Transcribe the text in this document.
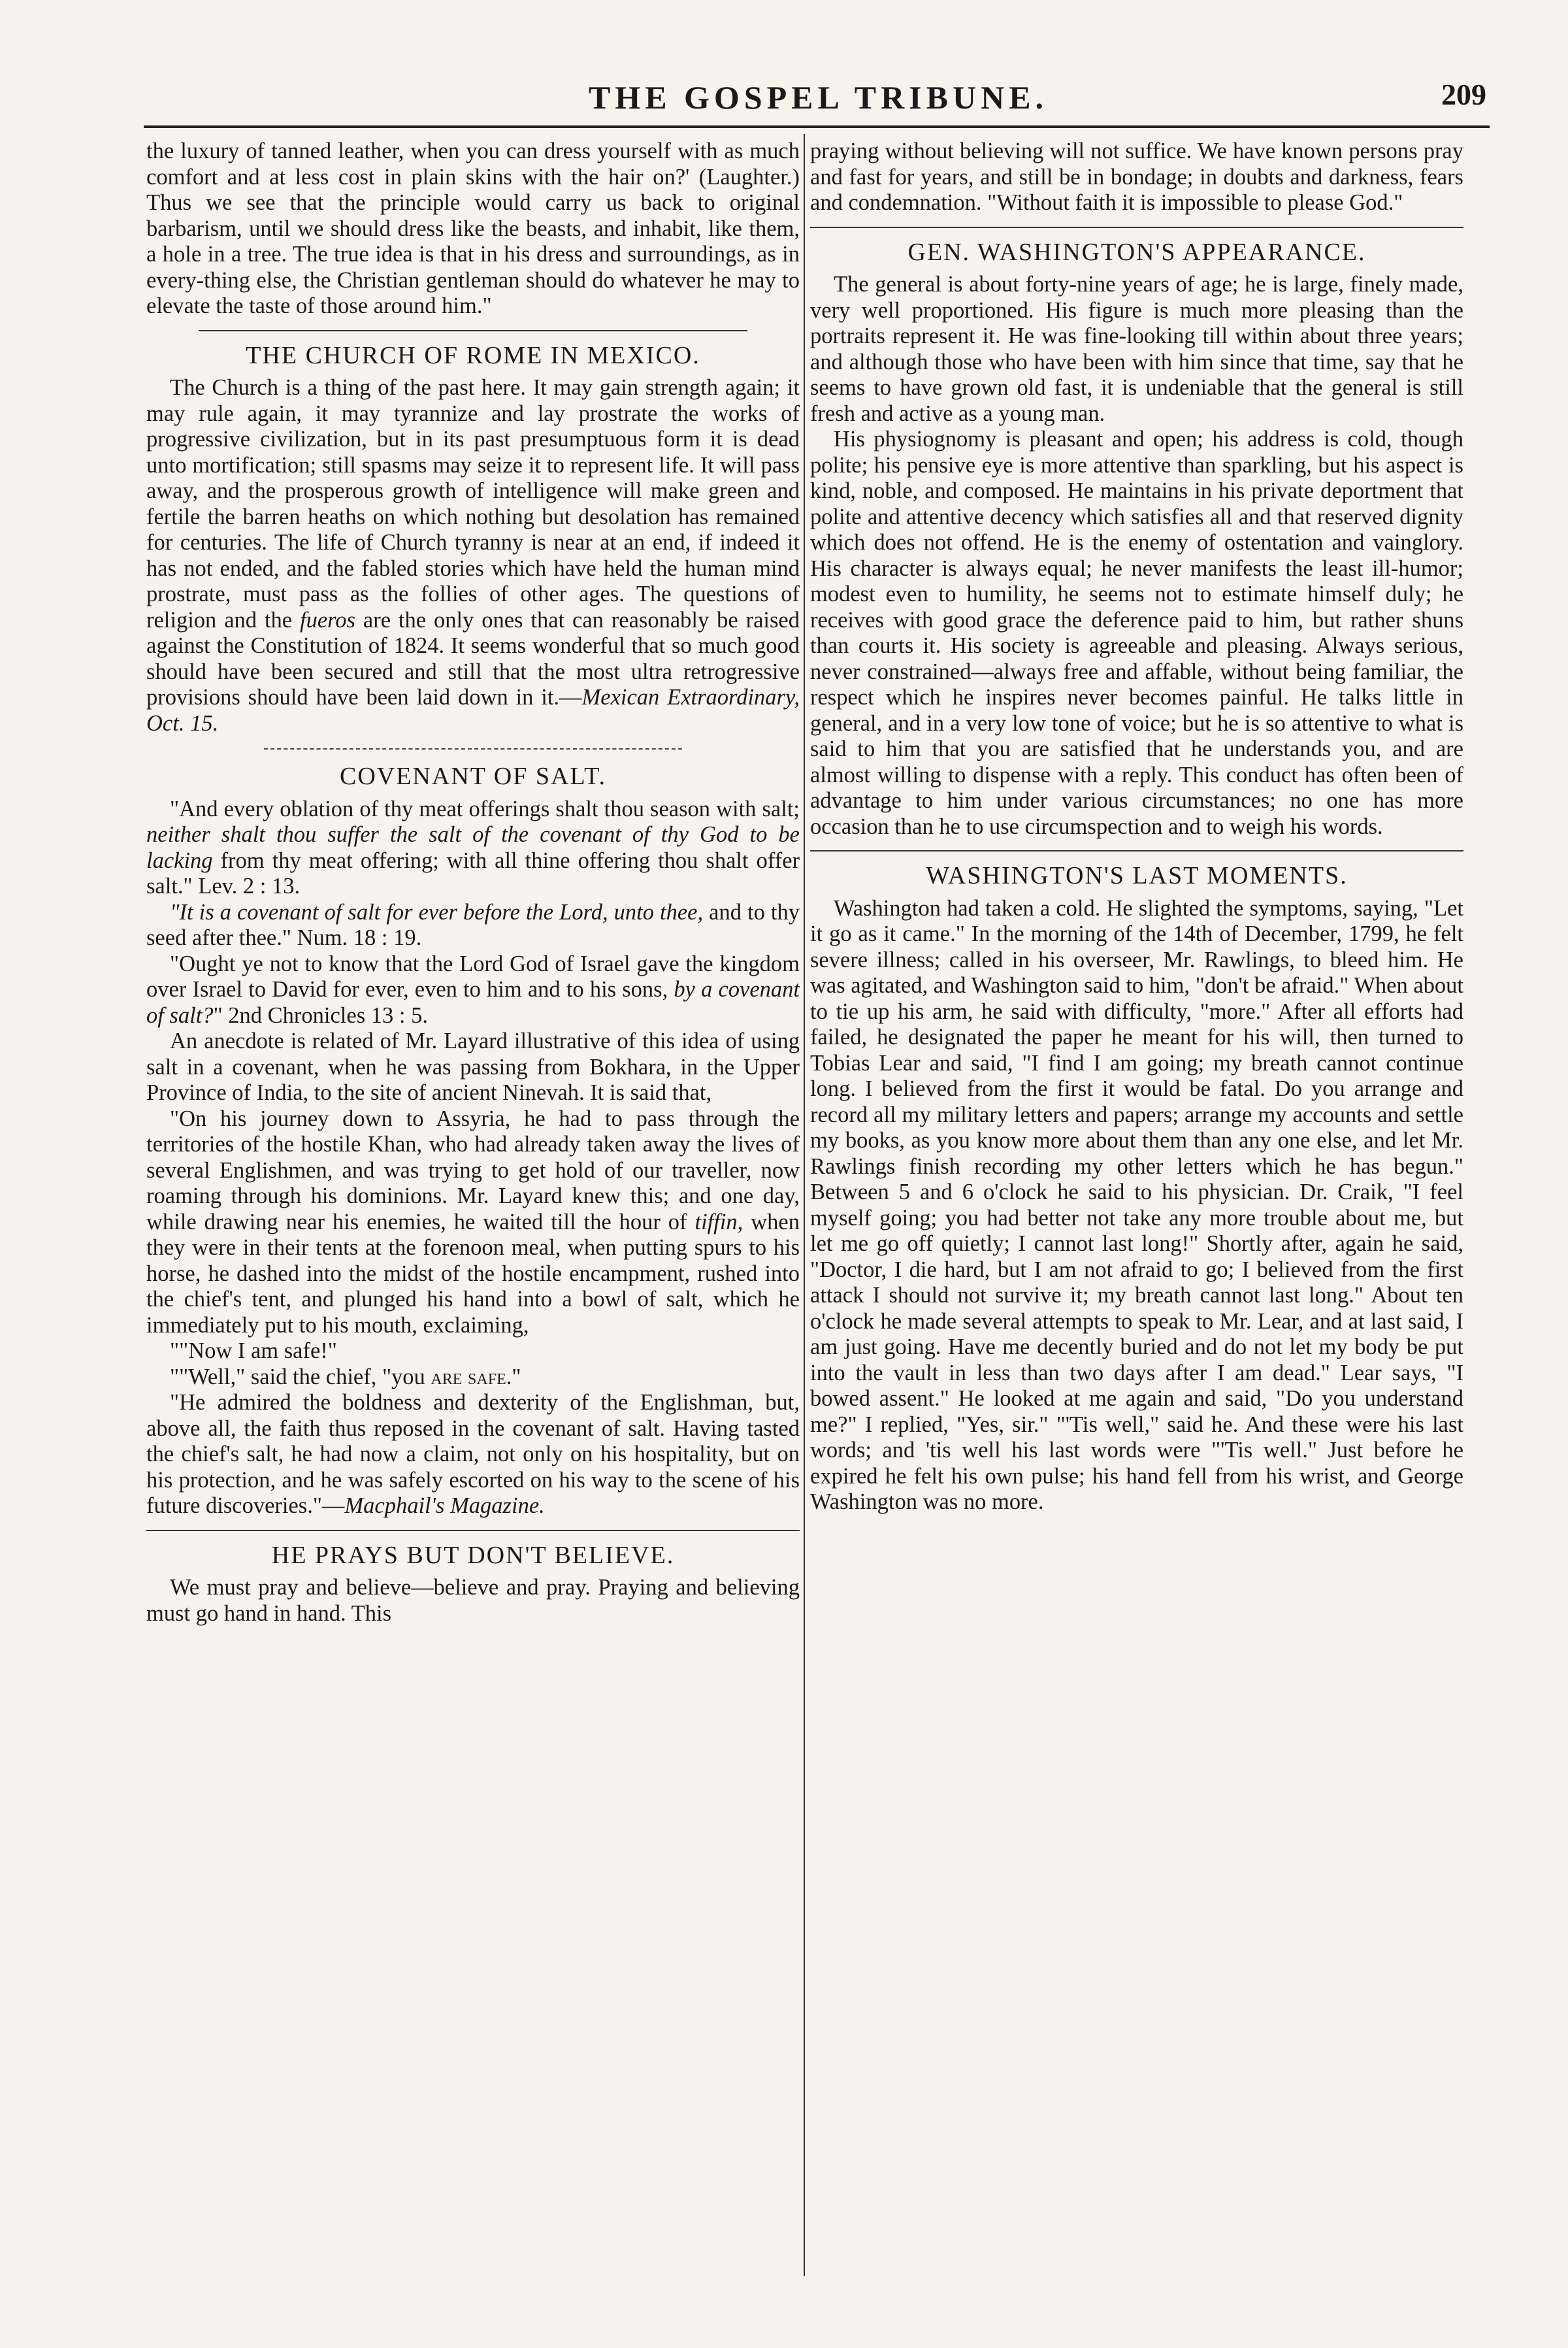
THE GOSPEL TRIBUNE.	209

the luxury of tanned leather, when you can dress yourself with as much comfort and at less cost in plain skins with the hair on?' (Laughter.) Thus we see that the principle would carry us back to original barbarism, until we should dress like the beasts, and inhabit, like them, a hole in a tree. The true idea is that in his dress and surroundings, as in every-thing else, the Christian gentleman should do whatever he may to elevate the taste of those around him."

THE CHURCH OF ROME IN MEXICO.

The Church is a thing of the past here. It may gain strength again; it may rule again, it may tyrannize and lay prostrate the works of progressive civilization, but in its past presumptuous form it is dead unto mortification; still spasms may seize it to represent life. It will pass away, and the prosperous growth of intelligence will make green and fertile the barren heaths on which nothing but desolation has remained for centuries. The life of Church tyranny is near at an end, if indeed it has not ended, and the fabled stories which have held the human mind prostrate, must pass as the follies of other ages. The questions of religion and the fueros are the only ones that can reasonably be raised against the Constitution of 1824. It seems wonderful that so much good should have been secured and still that the most ultra retrogressive provisions should have been laid down in it.—Mexican Extraordinary, Oct. 15.

COVENANT OF SALT.

"And every oblation of thy meat offerings shalt thou season with salt; neither shalt thou suffer the salt of the covenant of thy God to be lacking from thy meat offering; with all thine offering thou shalt offer salt." Lev. 2 : 13.

"It is a covenant of salt for ever before the Lord, unto thee, and to thy seed after thee." Num. 18 : 19.

"Ought ye not to know that the Lord God of Israel gave the kingdom over Israel to David for ever, even to him and to his sons, by a covenant of salt?" 2nd Chronicles 13 : 5.

An anecdote is related of Mr. Layard illustrative of this idea of using salt in a covenant, when he was passing from Bokhara, in the Upper Province of India, to the site of ancient Ninevah. It is said that,

"On his journey down to Assyria, he had to pass through the territories of the hostile Khan, who had already taken away the lives of several Englishmen, and was trying to get hold of our traveller, now roaming through his dominions. Mr. Layard knew this; and one day, while drawing near his enemies, he waited till the hour of tiffin, when they were in their tents at the forenoon meal, when putting spurs to his horse, he dashed into the midst of the hostile encampment, rushed into the chief's tent, and plunged his hand into a bowl of salt, which he immediately put to his mouth, exclaiming,

""Now I am safe!"

""Well," said the chief, "you are safe."

"He admired the boldness and dexterity of the Englishman, but, above all, the faith thus reposed in the covenant of salt. Having tasted the chief's salt, he had now a claim, not only on his hospitality, but on his protection, and he was safely escorted on his way to the scene of his future discoveries."—Macphail's Magazine.

HE PRAYS BUT DON'T BELIEVE.

We must pray and believe—believe and pray. Praying and believing must go hand in hand. This

praying without believing will not suffice. We have known persons pray and fast for years, and still be in bondage; in doubts and darkness, fears and condemnation. "Without faith it is impossible to please God."

GEN. WASHINGTON'S APPEARANCE.

The general is about forty-nine years of age; he is large, finely made, very well proportioned. His figure is much more pleasing than the portraits represent it. He was fine-looking till within about three years; and although those who have been with him since that time, say that he seems to have grown old fast, it is undeniable that the general is still fresh and active as a young man.

His physiognomy is pleasant and open; his address is cold, though polite; his pensive eye is more attentive than sparkling, but his aspect is kind, noble, and composed. He maintains in his private deportment that polite and attentive decency which satisfies all and that reserved dignity which does not offend. He is the enemy of ostentation and vainglory. His character is always equal; he never manifests the least ill-humor; modest even to humility, he seems not to estimate himself duly; he receives with good grace the deference paid to him, but rather shuns than courts it. His society is agreeable and pleasing. Always serious, never constrained—always free and affable, without being familiar, the respect which he inspires never becomes painful. He talks little in general, and in a very low tone of voice; but he is so attentive to what is said to him that you are satisfied that he understands you, and are almost willing to dispense with a reply. This conduct has often been of advantage to him under various circumstances; no one has more occasion than he to use circumspection and to weigh his words.

WASHINGTON'S LAST MOMENTS.

Washington had taken a cold. He slighted the symptoms, saying, "Let it go as it came." In the morning of the 14th of December, 1799, he felt severe illness; called in his overseer, Mr. Rawlings, to bleed him. He was agitated, and Washington said to him, "don't be afraid." When about to tie up his arm, he said with difficulty, "more." After all efforts had failed, he designated the paper he meant for his will, then turned to Tobias Lear and said, "I find I am going; my breath cannot continue long. I believed from the first it would be fatal. Do you arrange and record all my military letters and papers; arrange my accounts and settle my books, as you know more about them than any one else, and let Mr. Rawlings finish recording my other letters which he has begun." Between 5 and 6 o'clock he said to his physician. Dr. Craik, "I feel myself going; you had better not take any more trouble about me, but let me go off quietly; I cannot last long!" Shortly after, again he said, "Doctor, I die hard, but I am not afraid to go; I believed from the first attack I should not survive it; my breath cannot last long." About ten o'clock he made several attempts to speak to Mr. Lear, and at last said, I am just going. Have me decently buried and do not let my body be put into the vault in less than two days after I am dead." Lear says, "I bowed assent." He looked at me again and said, "Do you understand me?" I replied, "Yes, sir." "'Tis well," said he. And these were his last words; and 'tis well his last words were "'Tis well." Just before he expired he felt his own pulse; his hand fell from his wrist, and George Washington was no more.
